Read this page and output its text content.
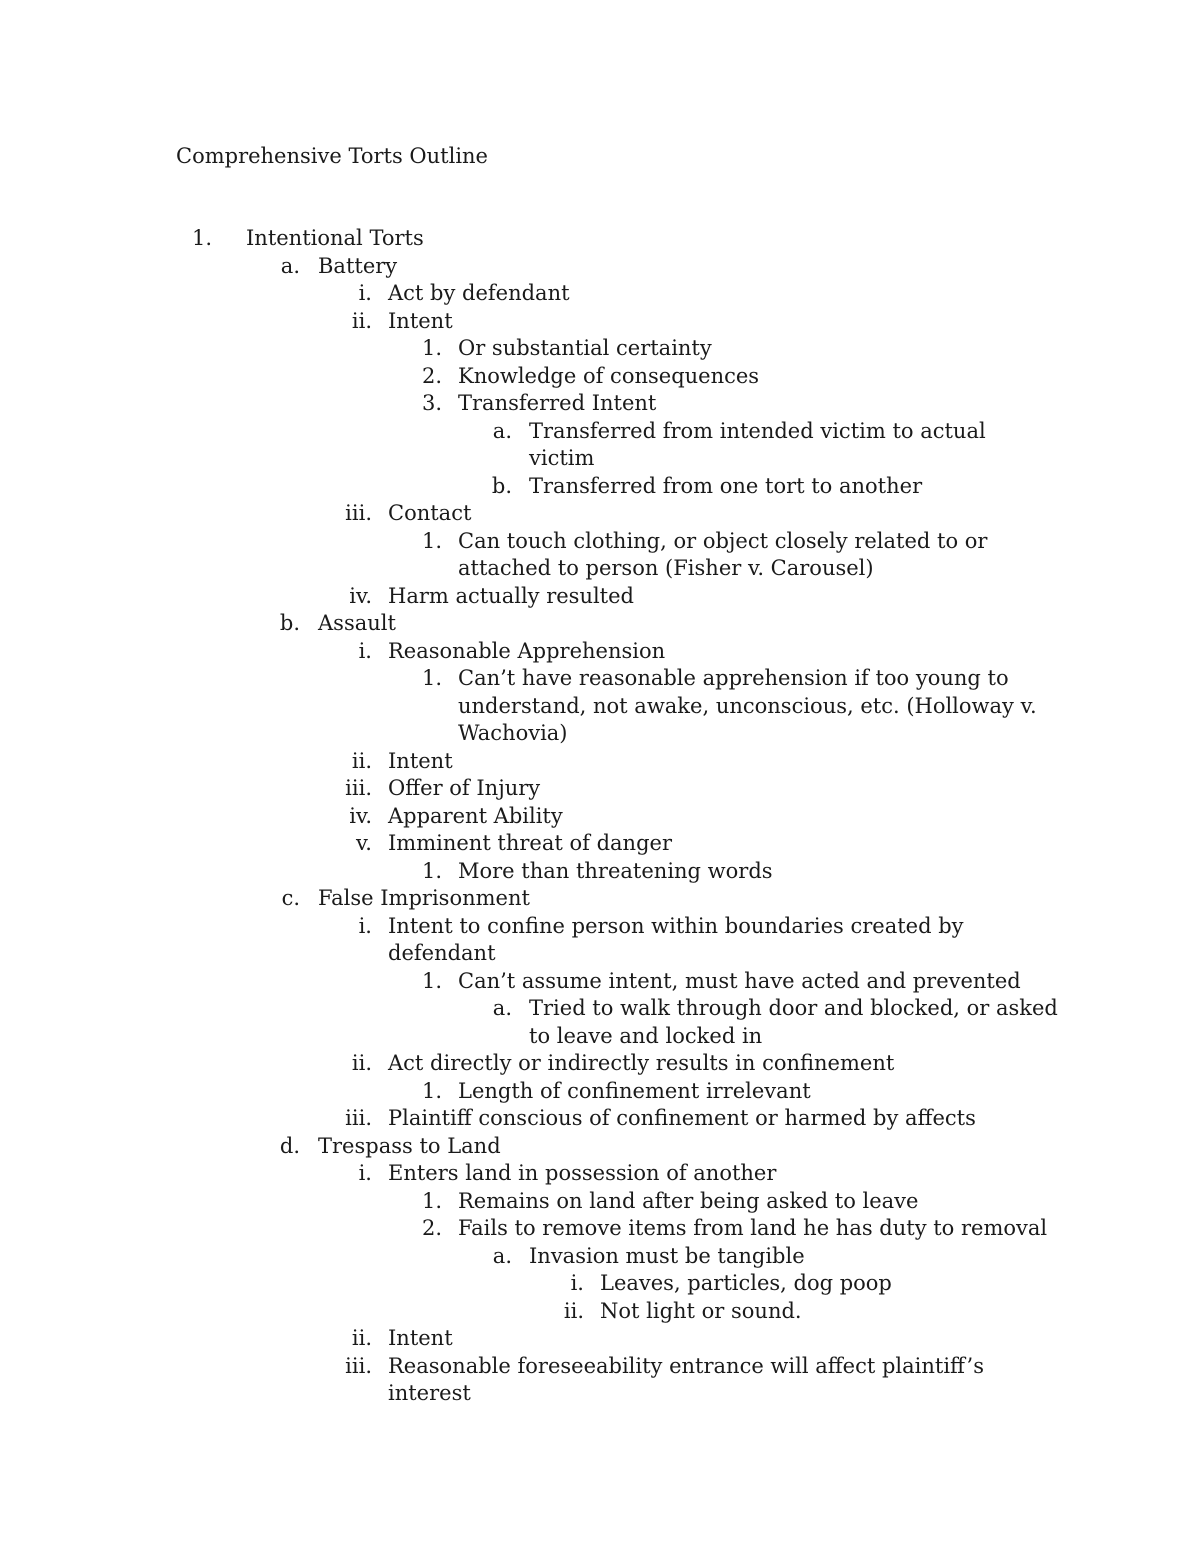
Comprehensive Torts Outline
1. Intentional Torts
a. Battery
i. Act by defendant
ii. Intent
1. Or substantial certainty
2. Knowledge of consequences
3. Transferred Intent
a. Transferred from intended victim to actual
victim
b. Transferred from one tort to another
iii. Contact
1. Can touch clothing, or object closely related to or
attached to person (Fisher v. Carousel)
iv. Harm actually resulted
b. Assault
i. Reasonable Apprehension
1. Can’t have reasonable apprehension if too young to
understand, not awake, unconscious, etc. (Holloway v.
Wachovia)
ii. Intent
iii. Offer of Injury
iv. Apparent Ability
v. Imminent threat of danger
1. More than threatening words
c. False Imprisonment
i. Intent to confine person within boundaries created by
defendant
1. Can’t assume intent, must have acted and prevented
a. Tried to walk through door and blocked, or asked
to leave and locked in
ii. Act directly or indirectly results in confinement
1. Length of confinement irrelevant
iii. Plaintiff conscious of confinement or harmed by affects
d. Trespass to Land
i. Enters land in possession of another
1. Remains on land after being asked to leave
2. Fails to remove items from land he has duty to removal
a. Invasion must be tangible
i. Leaves, particles, dog poop
ii. Not light or sound.
ii. Intent
iii. Reasonable foreseeability entrance will affect plaintiff’s
interest
